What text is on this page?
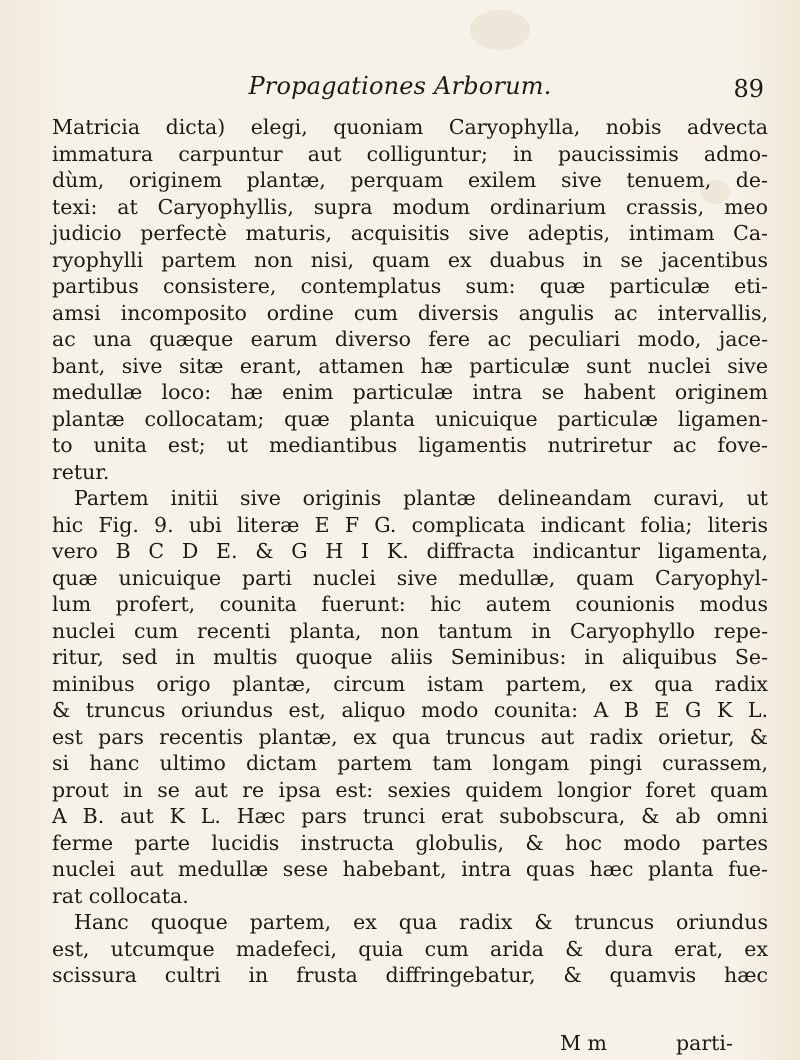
Propagationes Arborum.	89
Matricia dicta) elegi, quoniam Caryophylla, nobis advecta
immatura carpuntur aut colliguntur; in paucissimis admo-
dùm, originem plantæ, perquam exilem sive tenuem, de-
texi: at Caryophyllis, supra modum ordinarium crassis, meo
judicio perfectè maturis, acquisitis sive adeptis, intimam Ca-
ryophylli partem non nisi, quam ex duabus in se jacentibus
partibus consistere, contemplatus sum: quæ particulæ eti-
amsi incomposito ordine cum diversis angulis ac intervallis,
ac una quæque earum diverso fere ac peculiari modo, jace-
bant, sive sitæ erant, attamen hæ particulæ sunt nuclei sive
medullæ loco: hæ enim particulæ intra se habent originem
plantæ collocatam; quæ planta unicuique particulæ ligamen-
to unita est; ut mediantibus ligamentis nutriretur ac fove-
retur.
Partem initii sive originis plantæ delineandam curavi, ut
hic Fig. 9. ubi literæ E F G. complicata indicant folia; literis
vero B C D E. & G H I K. diffracta indicantur ligamenta,
quæ unicuique parti nuclei sive medullæ, quam Caryophyl-
lum profert, counita fuerunt: hic autem counionis modus
nuclei cum recenti planta, non tantum in Caryophyllo repe-
ritur, sed in multis quoque aliis Seminibus: in aliquibus Se-
minibus origo plantæ, circum istam partem, ex qua radix
& truncus oriundus est, aliquo modo counita: A B E G K L.
est pars recentis plantæ, ex qua truncus aut radix orietur, &
si hanc ultimo dictam partem tam longam pingi curassem,
prout in se aut re ipsa est: sexies quidem longior foret quam
A B. aut K L. Hæc pars trunci erat subobscura, & ab omni
ferme parte lucidis instructa globulis, & hoc modo partes
nuclei aut medullæ sese habebant, intra quas hæc planta fue-
rat collocata.
Hanc quoque partem, ex qua radix & truncus oriundus
est, utcumque madefeci, quia cum arida & dura erat, ex
scissura cultri in frusta diffringebatur, & quamvis hæc
M m	parti-
